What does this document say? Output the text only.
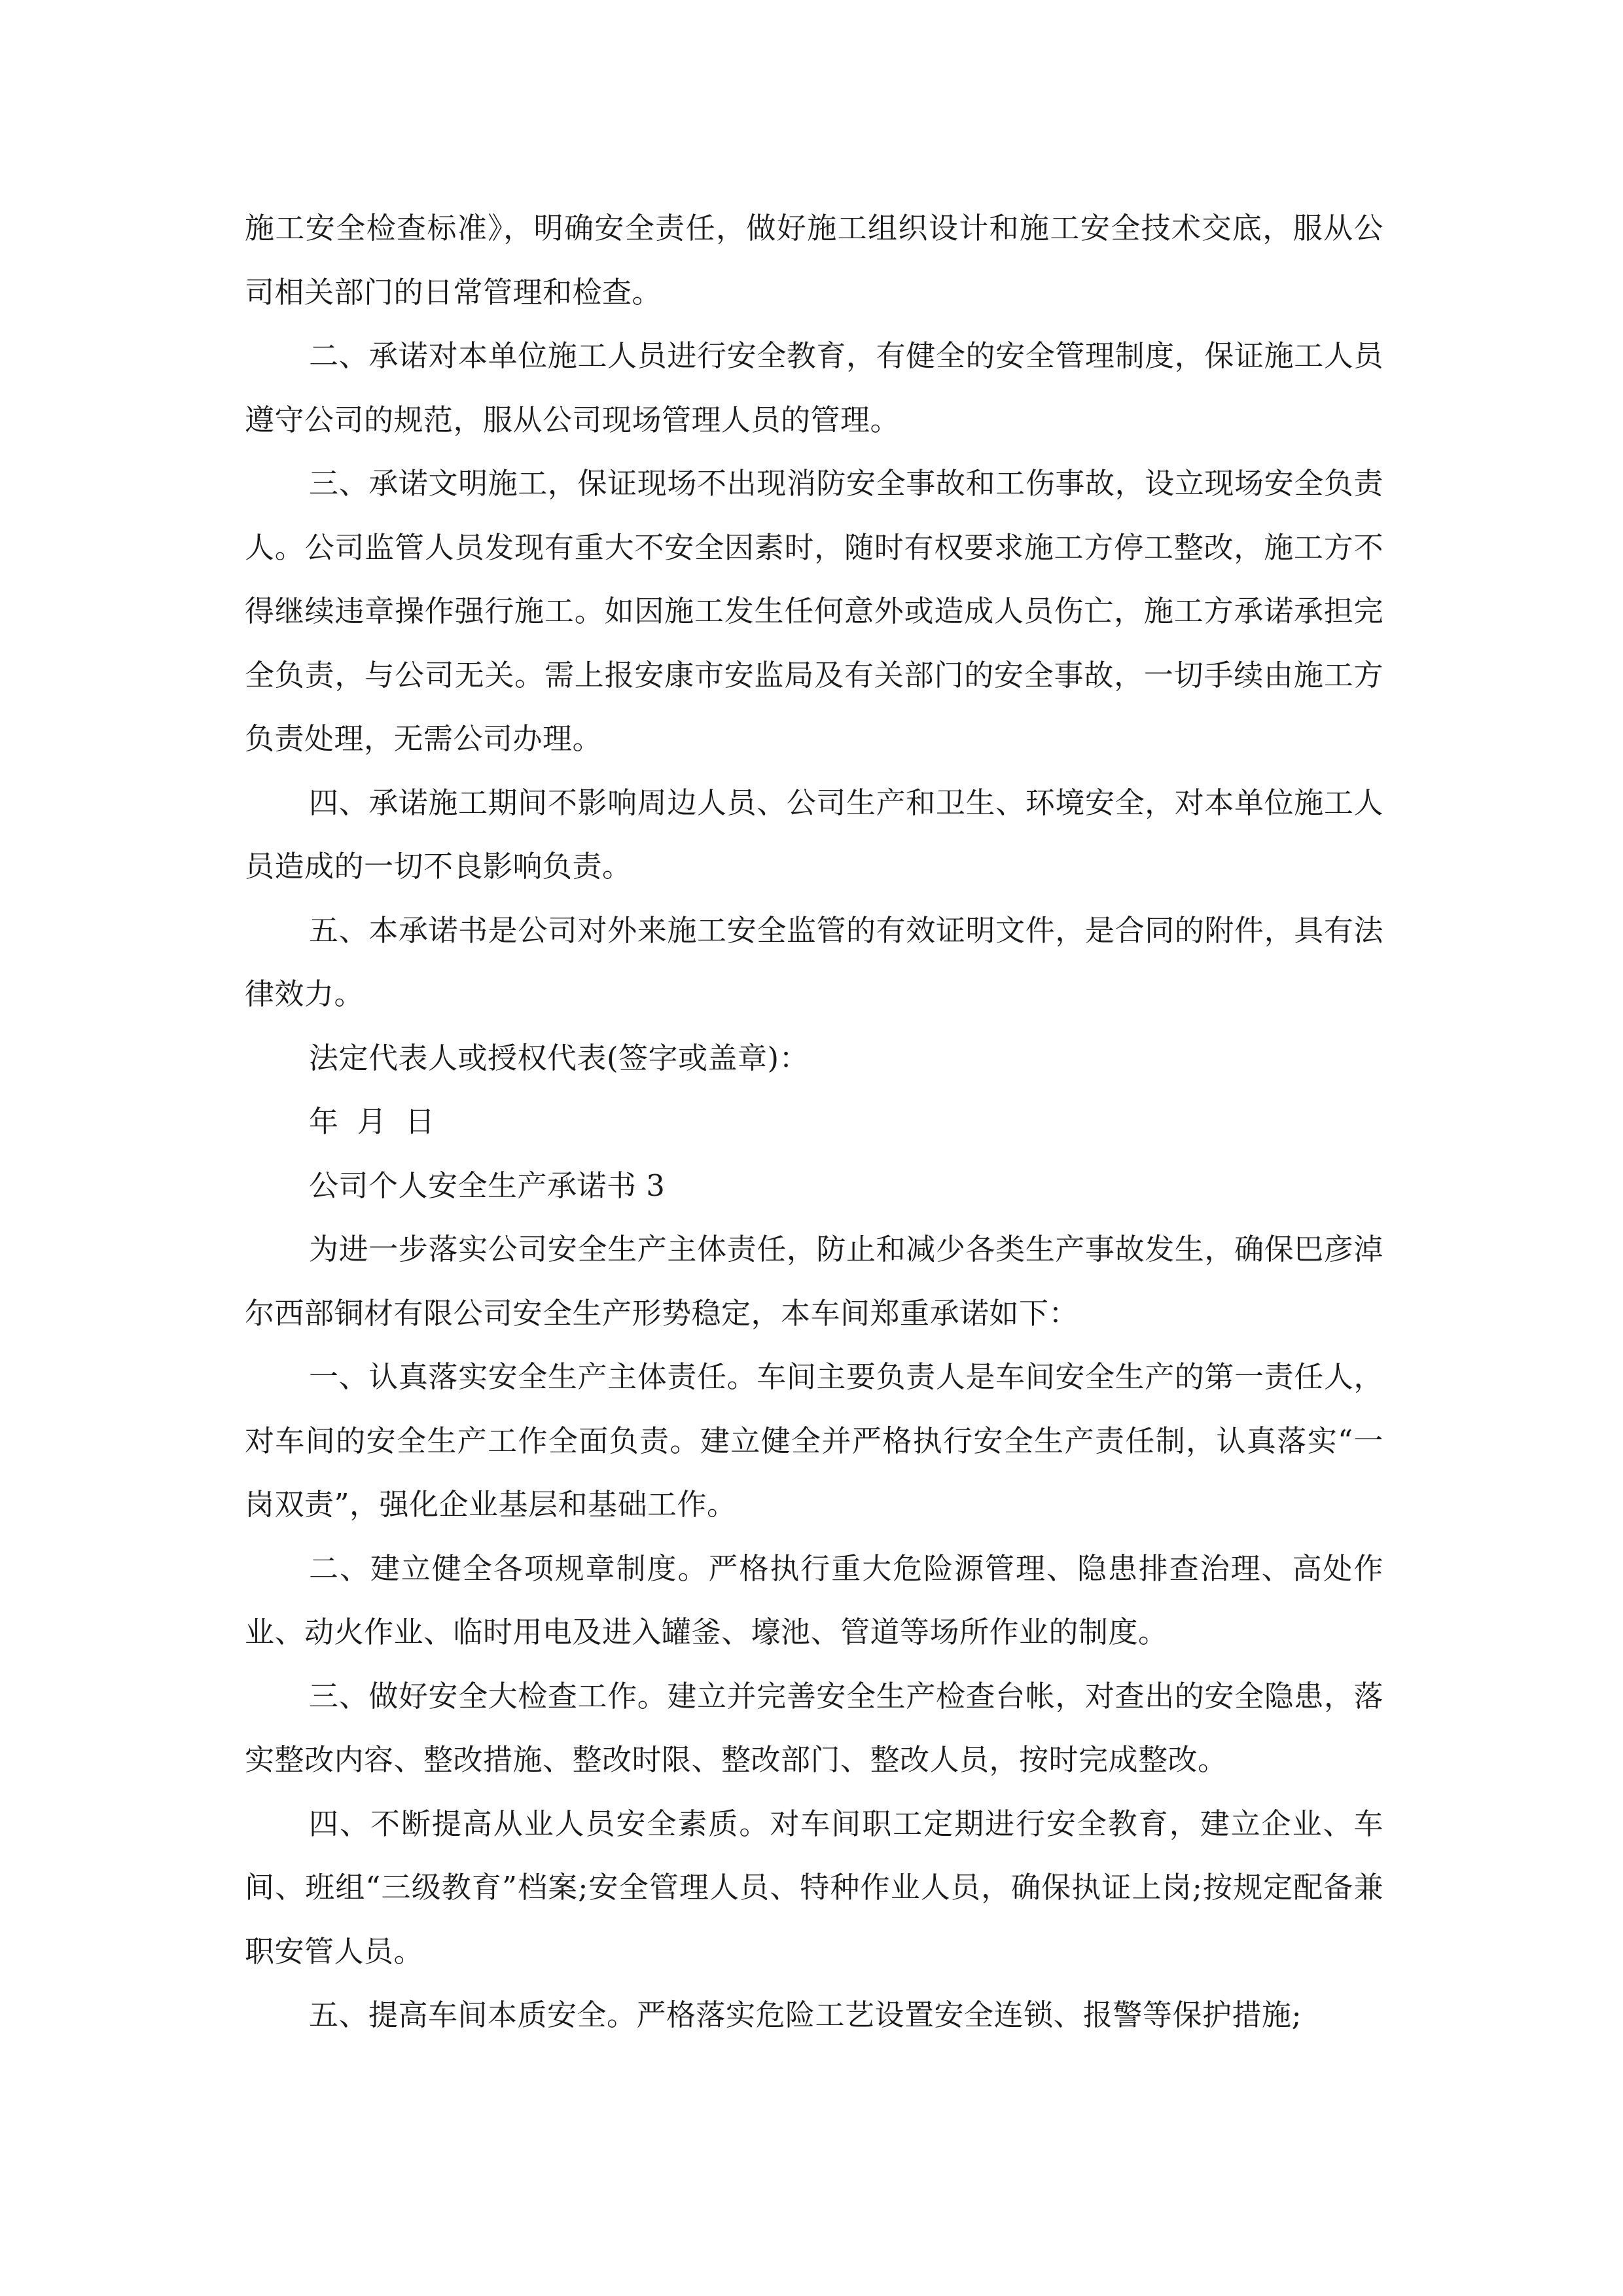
施工安全检查标准》，明确安全责任，做好施工组织设计和施工安全技术交底，服从公司相关部门的日常管理和检查。

二、承诺对本单位施工人员进行安全教育，有健全的安全管理制度，保证施工人员遵守公司的规范，服从公司现场管理人员的管理。

三、承诺文明施工，保证现场不出现消防安全事故和工伤事故，设立现场安全负责人。公司监管人员发现有重大不安全因素时，随时有权要求施工方停工整改，施工方不得继续违章操作强行施工。如因施工发生任何意外或造成人员伤亡，施工方承诺承担完全负责，与公司无关。需上报安康市安监局及有关部门的安全事故，一切手续由施工方负责处理，无需公司办理。

四、承诺施工期间不影响周边人员、公司生产和卫生、环境安全，对本单位施工人员造成的一切不良影响负责。

五、本承诺书是公司对外来施工安全监管的有效证明文件，是合同的附件，具有法律效力。

法定代表人或授权代表(签字或盖章)：

年 月 日

公司个人安全生产承诺书 3

为进一步落实公司安全生产主体责任，防止和减少各类生产事故发生，确保巴彦淖尔西部铜材有限公司安全生产形势稳定，本车间郑重承诺如下：

一、认真落实安全生产主体责任。车间主要负责人是车间安全生产的第一责任人，对车间的安全生产工作全面负责。建立健全并严格执行安全生产责任制，认真落实“一岗双责”，强化企业基层和基础工作。

二、建立健全各项规章制度。严格执行重大危险源管理、隐患排查治理、高处作业、动火作业、临时用电及进入罐釜、壕池、管道等场所作业的制度。

三、做好安全大检查工作。建立并完善安全生产检查台帐，对查出的安全隐患，落实整改内容、整改措施、整改时限、整改部门、整改人员，按时完成整改。

四、不断提高从业人员安全素质。对车间职工定期进行安全教育，建立企业、车间、班组“三级教育”档案;安全管理人员、特种作业人员，确保执证上岗;按规定配备兼职安管人员。

五、提高车间本质安全。严格落实危险工艺设置安全连锁、报警等保护措施;
